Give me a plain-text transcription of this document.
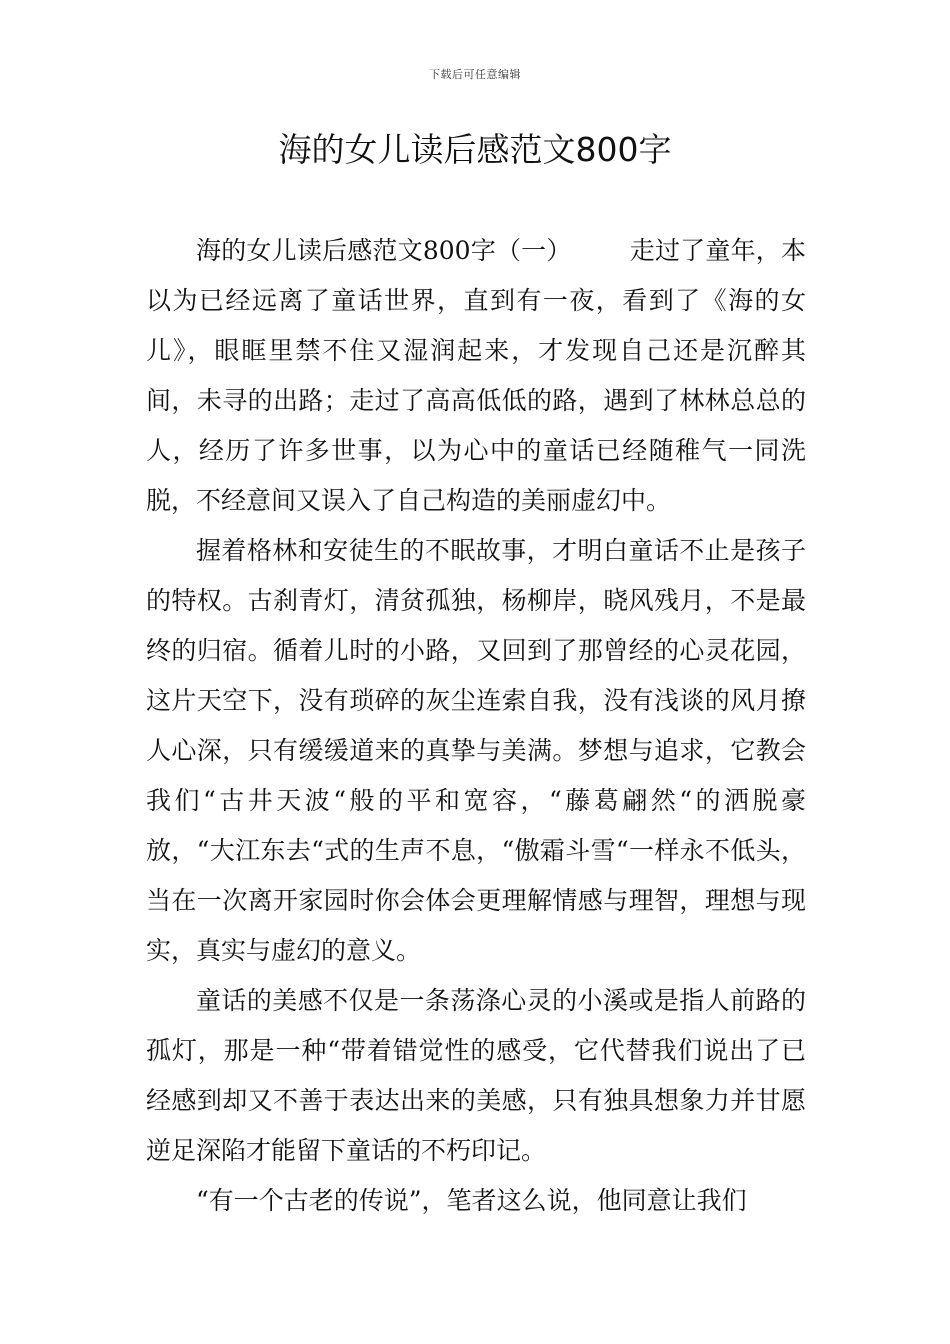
下载后可任意编辑
海的女儿读后感范文800字

海的女儿读后感范文800字（一） 走过了童年，本以为已经远离了童话世界，直到有一夜，看到了《海的女儿》，眼眶里禁不住又湿润起来，才发现自己还是沉醉其间，未寻的出路；走过了高高低低的路，遇到了林林总总的人，经历了许多世事，以为心中的童话已经随稚气一同洗脱，不经意间又误入了自己构造的美丽虚幻中。

握着格林和安徒生的不眠故事，才明白童话不止是孩子的特权。古刹青灯，清贫孤独，杨柳岸，晓风残月，不是最终的归宿。循着儿时的小路，又回到了那曾经的心灵花园，这片天空下，没有琐碎的灰尘连索自我，没有浅谈的风月撩人心深，只有缓缓道来的真挚与美满。梦想与追求，它教会我们“古井天波“般的平和宽容，“藤葛翩然“的洒脱豪放，“大江东去“式的生声不息，“傲霜斗雪“一样永不低头，当在一次离开家园时你会体会更理解情感与理智，理想与现实，真实与虚幻的意义。

童话的美感不仅是一条荡涤心灵的小溪或是指人前路的孤灯，那是一种“带着错觉性的感受，它代替我们说出了已经感到却又不善于表达出来的美感，只有独具想象力并甘愿逆足深陷才能留下童话的不朽印记。

“有一个古老的传说”，笔者这么说，他同意让我们
